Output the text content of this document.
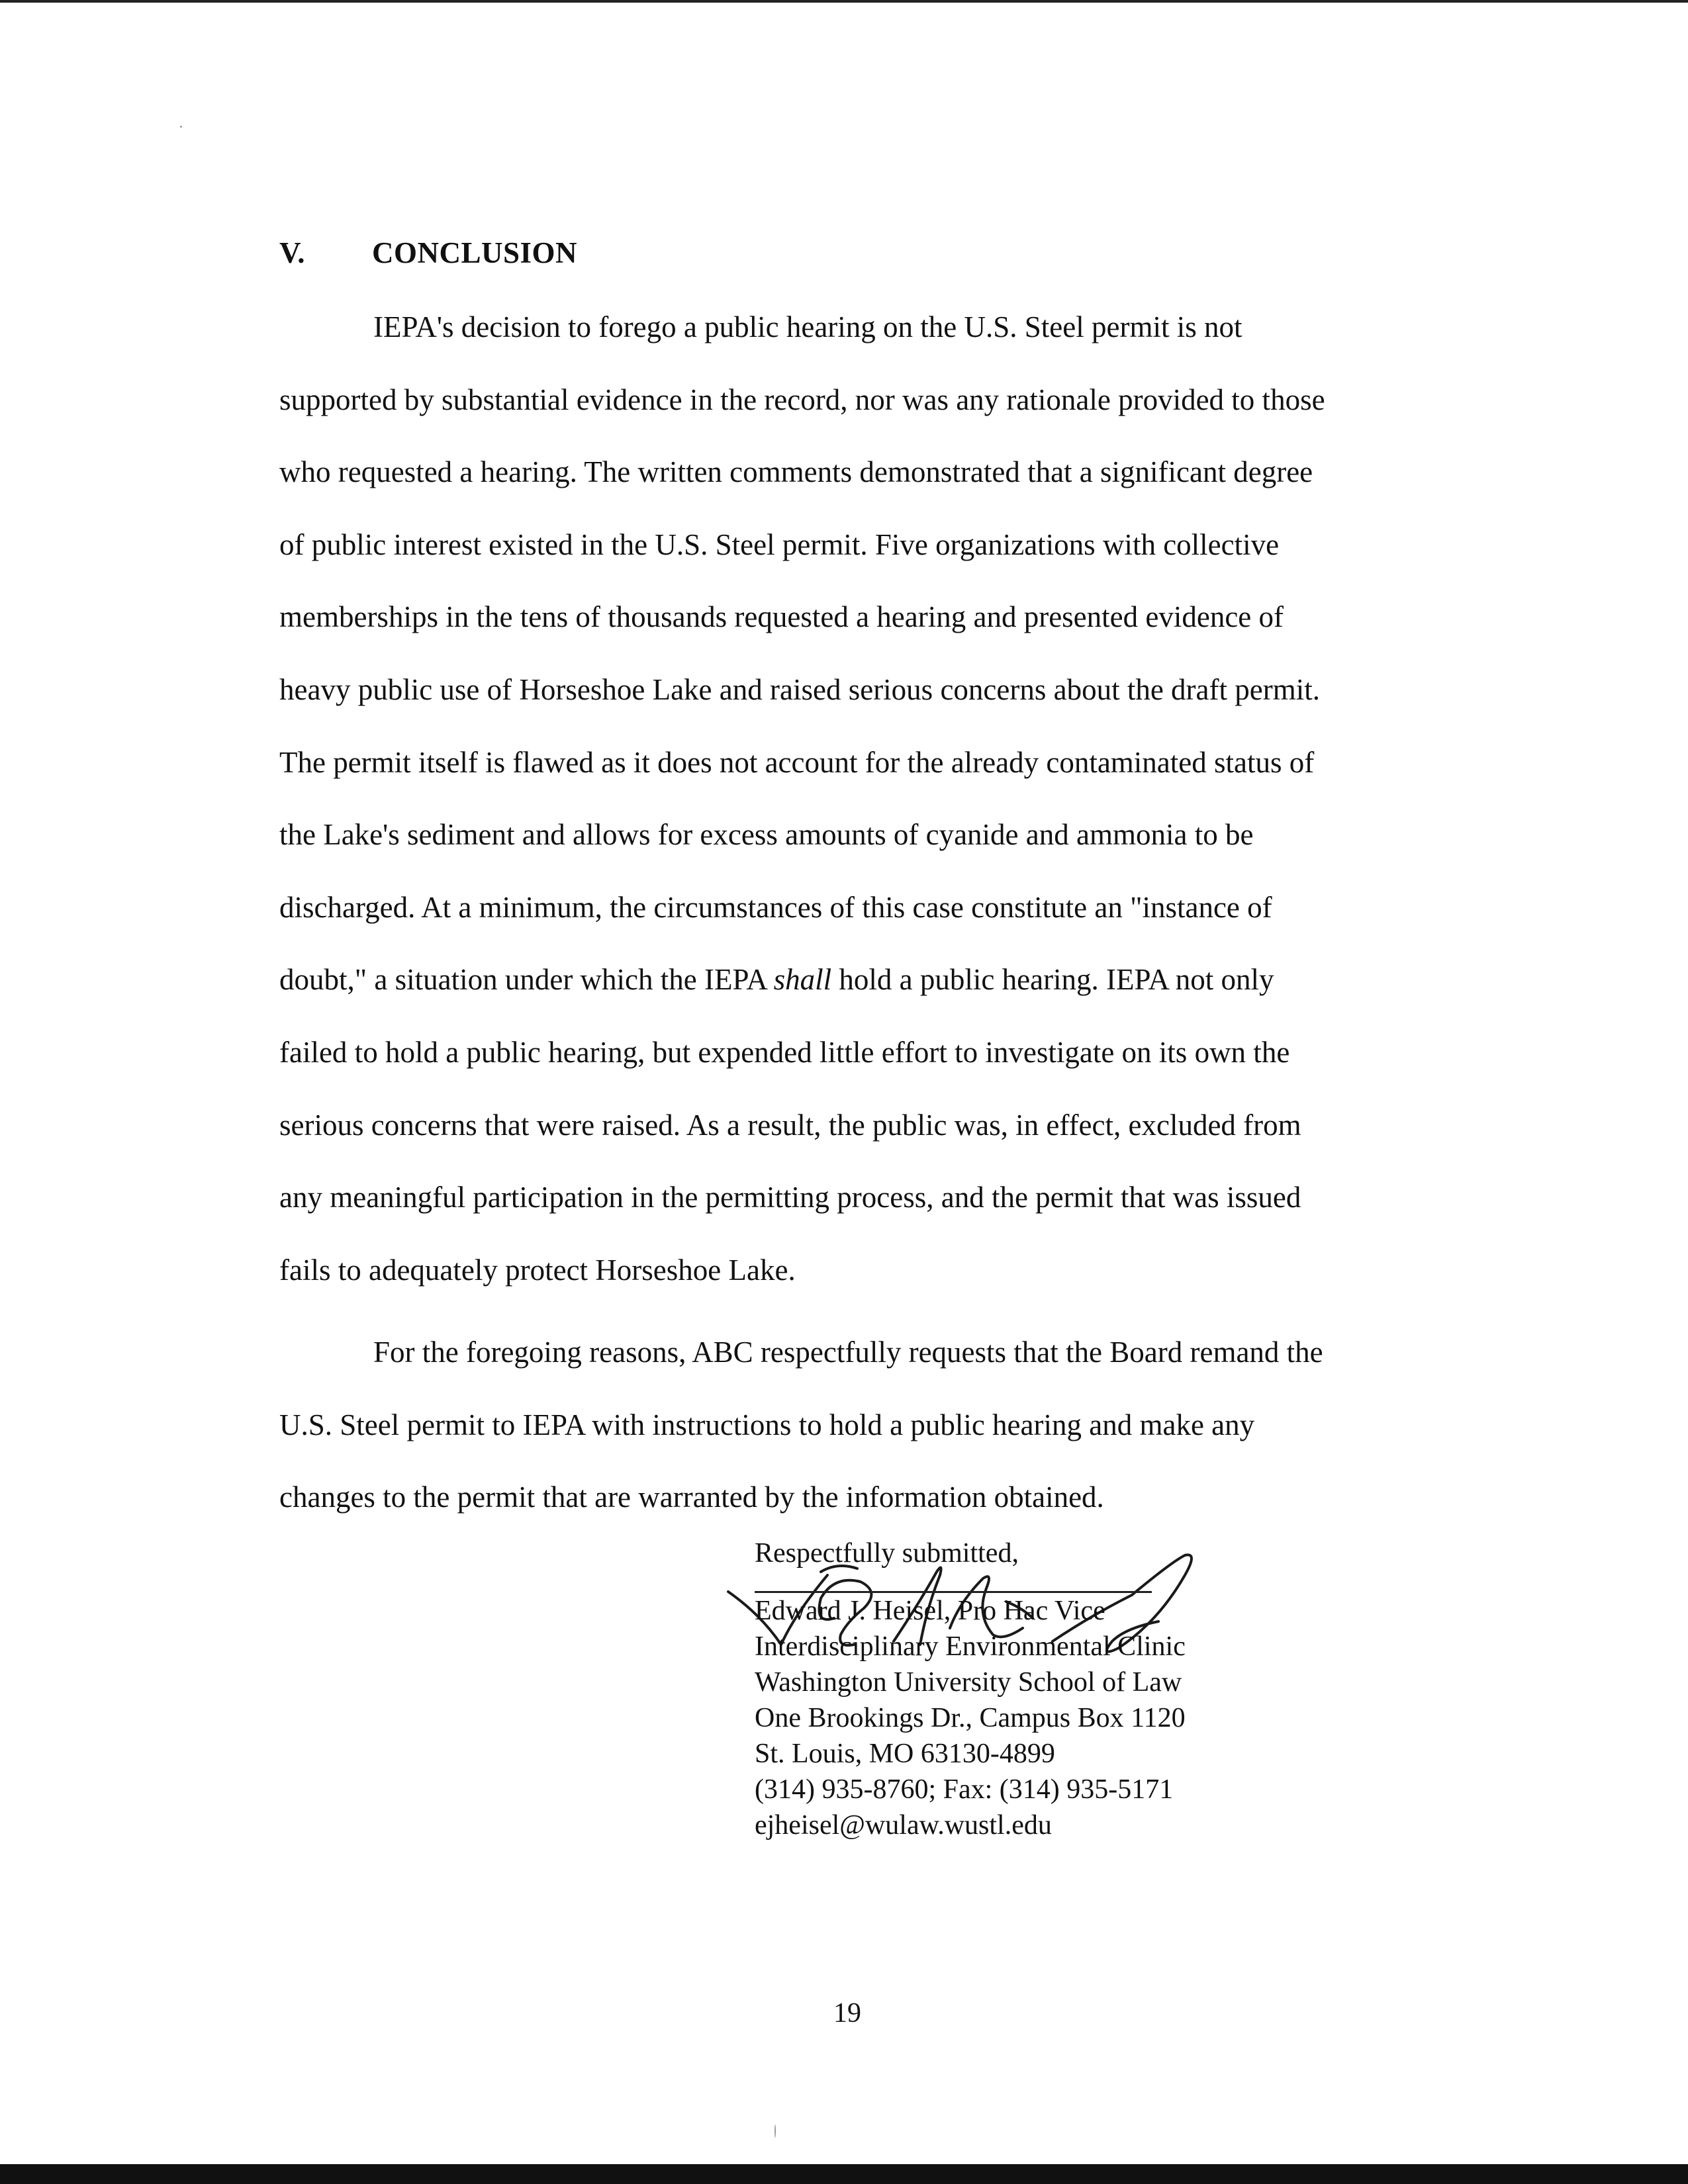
V. CONCLUSION
IEPA's decision to forego a public hearing on the U.S. Steel permit is not
supported by substantial evidence in the record, nor was any rationale provided to those
who requested a hearing. The written comments demonstrated that a significant degree
of public interest existed in the U.S. Steel permit. Five organizations with collective
memberships in the tens of thousands requested a hearing and presented evidence of
heavy public use of Horseshoe Lake and raised serious concerns about the draft permit.
The permit itself is flawed as it does not account for the already contaminated status of
the Lake's sediment and allows for excess amounts of cyanide and ammonia to be
discharged. At a minimum, the circumstances of this case constitute an "instance of
doubt," a situation under which the IEPA shall hold a public hearing. IEPA not only
failed to hold a public hearing, but expended little effort to investigate on its own the
serious concerns that were raised. As a result, the public was, in effect, excluded from
any meaningful participation in the permitting process, and the permit that was issued
fails to adequately protect Horseshoe Lake.
For the foregoing reasons, ABC respectfully requests that the Board remand the
U.S. Steel permit to IEPA with instructions to hold a public hearing and make any
changes to the permit that are warranted by the information obtained.
Respectfully submitted,
Edward J. Heisel, Pro Hac Vice
Interdisciplinary Environmental Clinic
Washington University School of Law
One Brookings Dr., Campus Box 1120
St. Louis, MO 63130-4899
(314) 935-8760; Fax: (314) 935-5171
ejheisel@wulaw.wustl.edu
19
